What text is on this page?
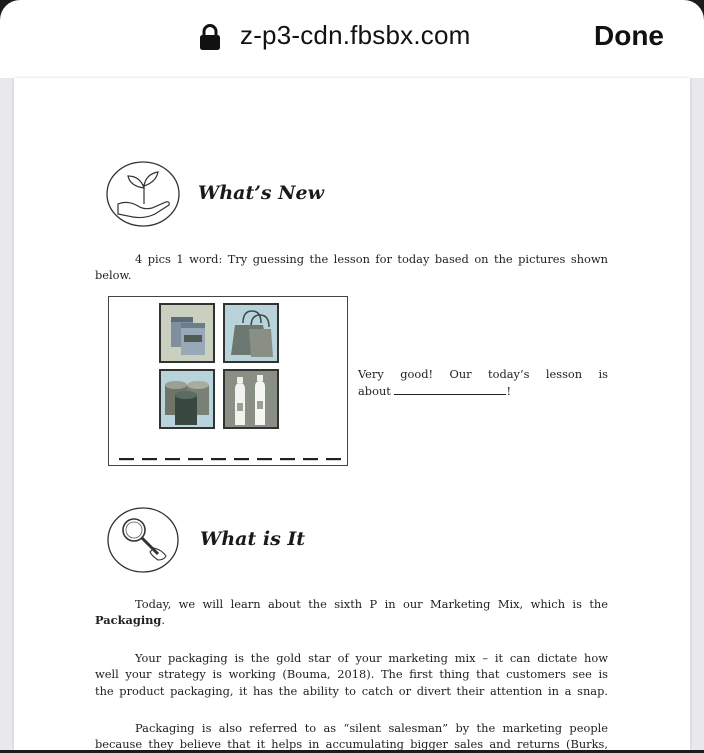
z-p3-cdn.fbsbx.com	Done
What’s New
4 pics 1 word: Try guessing the lesson for today based on the pictures shown
below.
Very good! Our today’s lesson is
about	!
What is It
Today, we will learn about the sixth P in our Marketing Mix, which is the
Packaging.
Your packaging is the gold star of your marketing mix – it can dictate how
well your strategy is working (Bouma, 2018). The first thing that customers see is
the product packaging, it has the ability to catch or divert their attention in a snap.
Packaging is also referred to as “silent salesman” by the marketing people
because they believe that it helps in accumulating bigger sales and returns (Burks,
